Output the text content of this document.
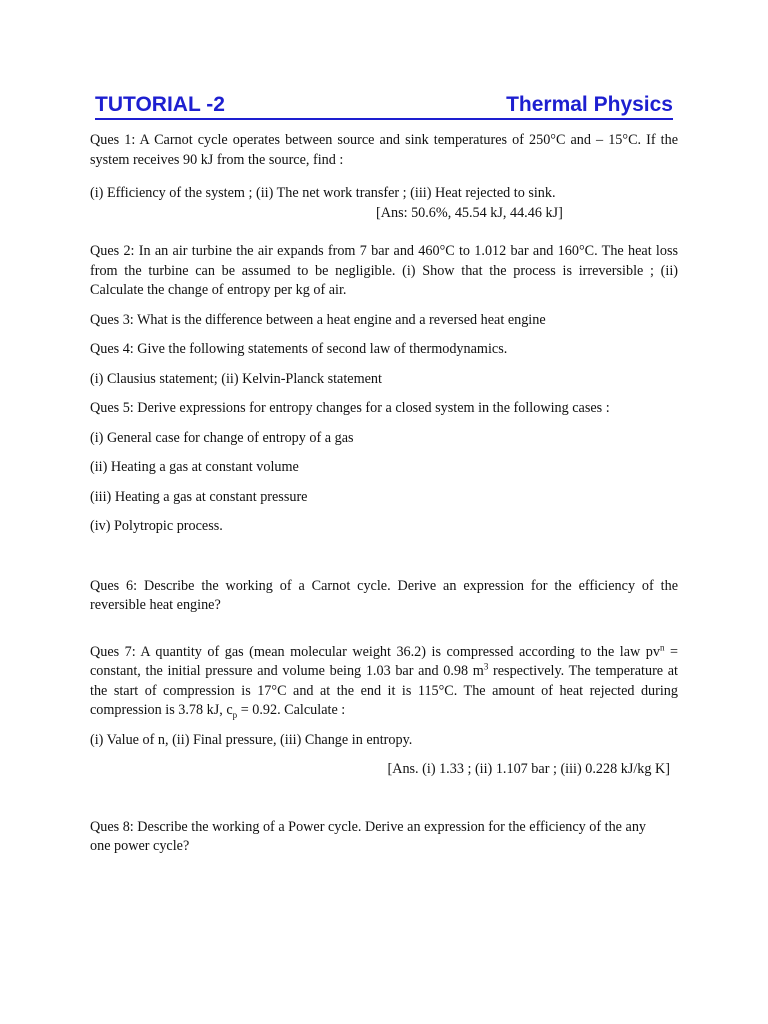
TUTORIAL -2	Thermal Physics

Ques 1: A Carnot cycle operates between source and sink temperatures of 250°C and – 15°C. If the system receives 90 kJ from the source, find :

(i) Efficiency of the system ; (ii) The net work transfer ; (iii) Heat rejected to sink.

[Ans: 50.6%, 45.54 kJ, 44.46 kJ]

Ques 2: In an air turbine the air expands from 7 bar and 460°C to 1.012 bar and 160°C. The heat loss from the turbine can be assumed to be negligible. (i) Show that the process is irreversible ; (ii) Calculate the change of entropy per kg of air.

Ques 3: What is the difference between a heat engine and a reversed heat engine

Ques 4: Give the following statements of second law of thermodynamics.

(i) Clausius statement; (ii) Kelvin-Planck statement

Ques 5: Derive expressions for entropy changes for a closed system in the following cases :

(i) General case for change of entropy of a gas

(ii) Heating a gas at constant volume

(iii) Heating a gas at constant pressure

(iv) Polytropic process.

Ques 6: Describe the working of a Carnot cycle. Derive an expression for the efficiency of the reversible heat engine?

Ques 7: A quantity of gas (mean molecular weight 36.2) is compressed according to the law $pv^n$ = constant, the initial pressure and volume being 1.03 bar and 0.98 $m^3$ respectively. The temperature at the start of compression is 17°C and at the end it is 115°C. The amount of heat rejected during compression is 3.78 kJ, $c_p = 0.92$. Calculate :

(i) Value of n, (ii) Final pressure, (iii) Change in entropy.

[Ans. (i) 1.33 ; (ii) 1.107 bar ; (iii) 0.228 kJ/kg K]

Ques 8: Describe the working of a Power cycle. Derive an expression for the efficiency of the any one power cycle?
